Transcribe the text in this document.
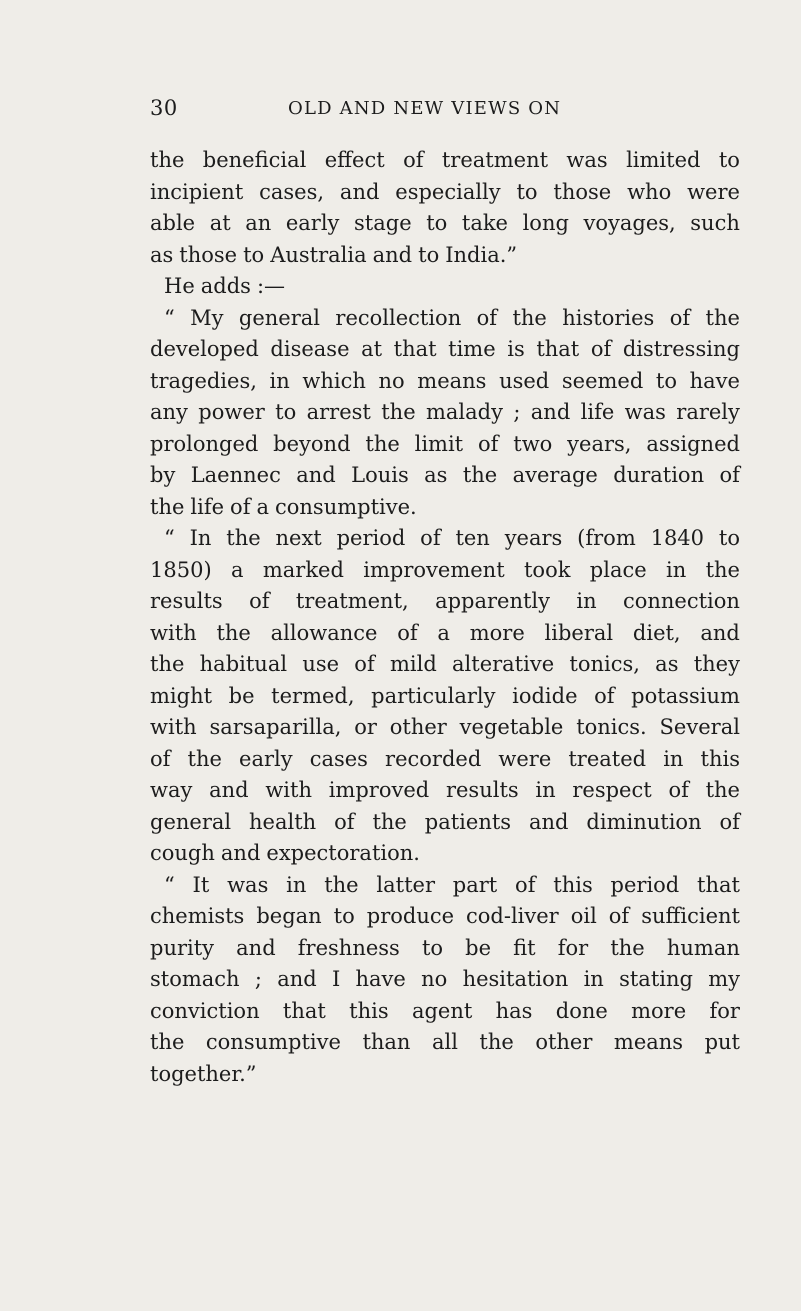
30	OLD AND NEW VIEWS ON
the beneficial effect of treatment was limited to
incipient cases, and especially to those who were
able at an early stage to take long voyages, such
as those to Australia and to India.”
He adds :—
“ My general recollection of the histories of the
developed disease at that time is that of distressing
tragedies, in which no means used seemed to have
any power to arrest the malady ; and life was rarely
prolonged beyond the limit of two years, assigned
by Laennec and Louis as the average duration of
the life of a consumptive.
“ In the next period of ten years (from 1840 to
1850) a marked improvement took place in the
results of treatment, apparently in connection
with the allowance of a more liberal diet, and
the habitual use of mild alterative tonics, as they
might be termed, particularly iodide of potassium
with sarsaparilla, or other vegetable tonics. Several
of the early cases recorded were treated in this
way and with improved results in respect of the
general health of the patients and diminution of
cough and expectoration.
“ It was in the latter part of this period that
chemists began to produce cod-liver oil of sufficient
purity and freshness to be fit for the human
stomach ; and I have no hesitation in stating my
conviction that this agent has done more for
the consumptive than all the other means put
together.”
